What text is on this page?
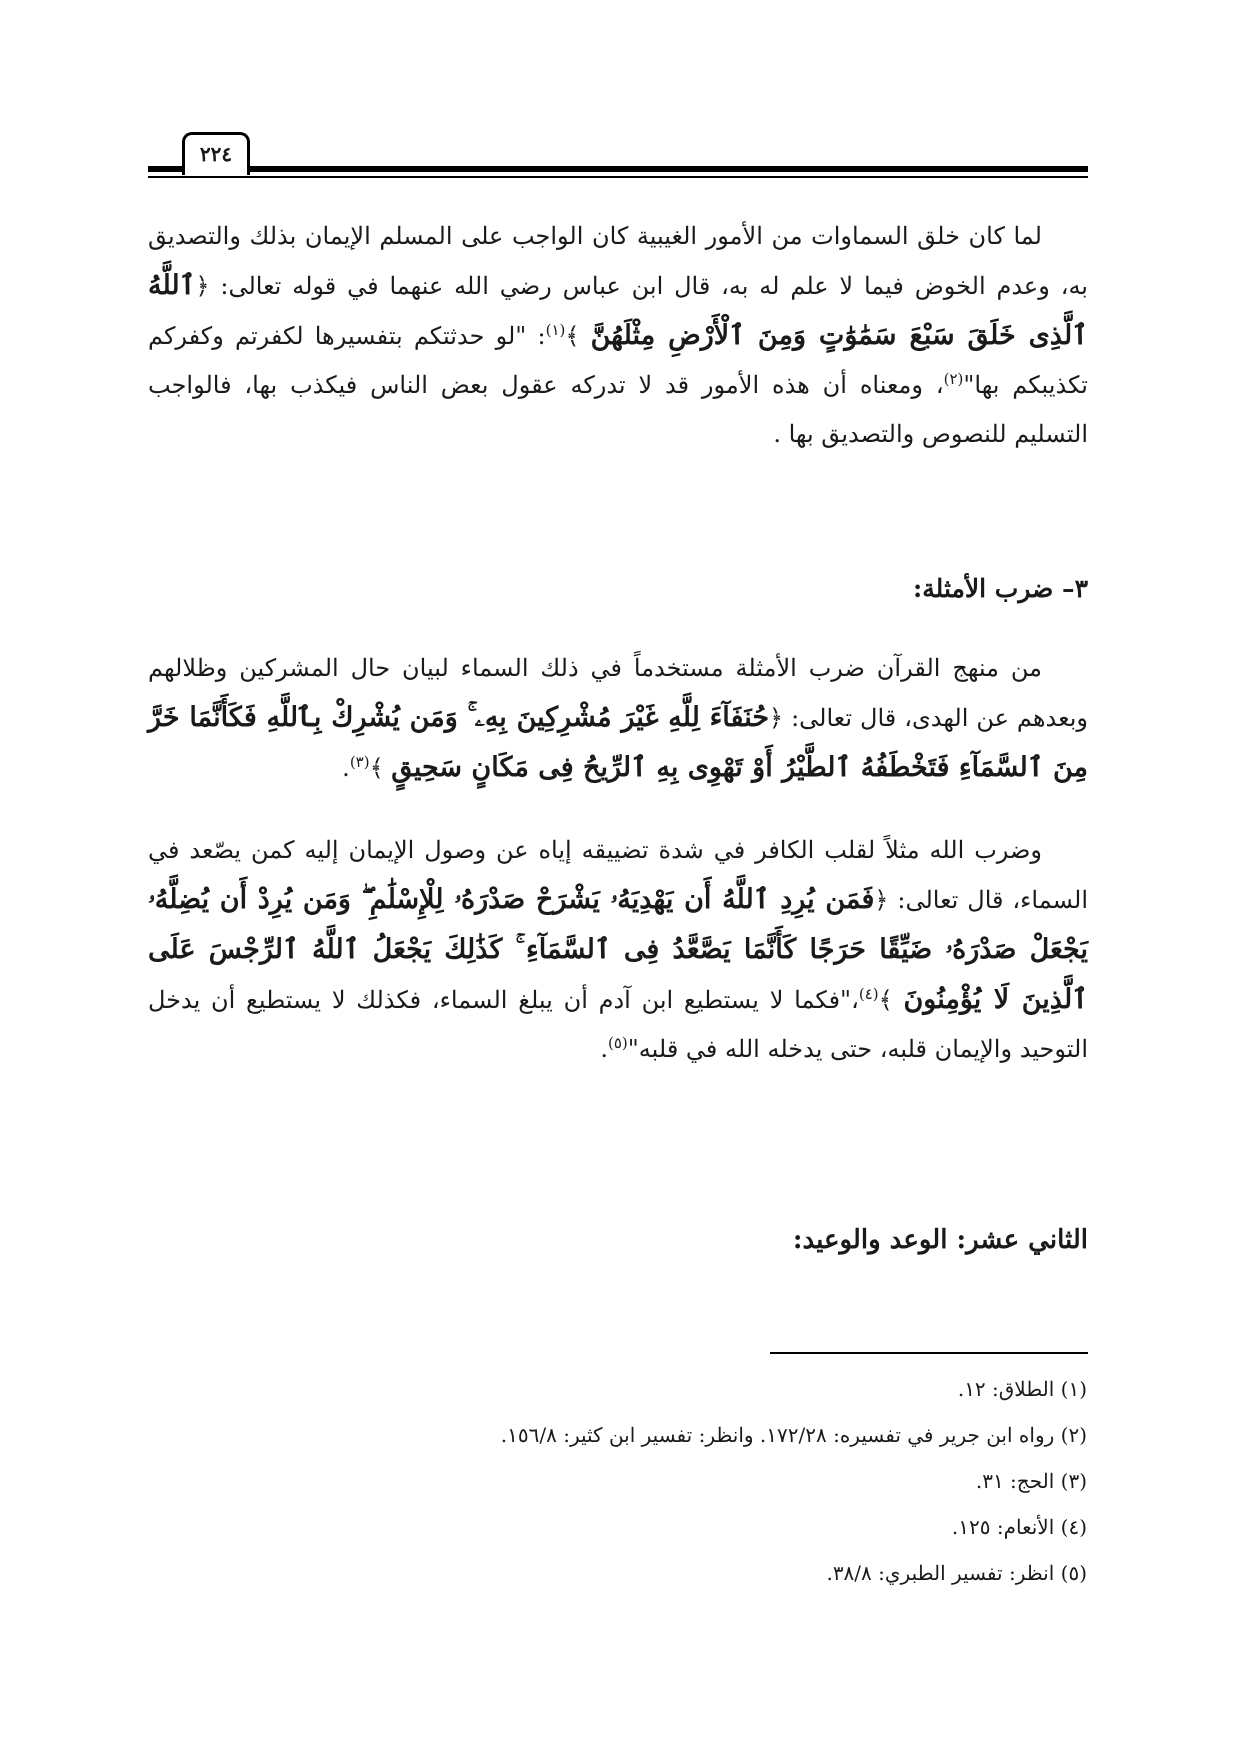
٢٢٤

لما كان خلق السماوات من الأمور الغيبية كان الواجب على المسلم الإيمان بذلك والتصديق به، وعدم الخوض فيما لا علم له به، قال ابن عباس رضي الله عنهما في قوله تعالى: ﴿ٱللَّهُ ٱلَّذِى خَلَقَ سَبْعَ سَمَٰوَٰتٍ وَمِنَ ٱلْأَرْضِ مِثْلَهُنَّ ﴾$^{(١)}$: "لو حدثتكم بتفسيرها لكفرتم وكفركم تكذيبكم بها"$^{(٢)}$، ومعناه أن هذه الأمور قد لا تدركه عقول بعض الناس فيكذب بها، فالواجب التسليم للنصوص والتصديق بها .

٣– ضرب الأمثلة:

من منهج القرآن ضرب الأمثلة مستخدماً في ذلك السماء لبيان حال المشركين وظلالهم وبعدهم عن الهدى، قال تعالى: ﴿حُنَفَآءَ لِلَّهِ غَيْرَ مُشْرِكِينَ بِهِۦ ۚ وَمَن يُشْرِكْ بِٱللَّهِ فَكَأَنَّمَا خَرَّ مِنَ ٱلسَّمَآءِ فَتَخْطَفُهُ ٱلطَّيْرُ أَوْ تَهْوِى بِهِ ٱلرِّيحُ فِى مَكَانٍ سَحِيقٍ ﴾$^{(٣)}$.

وضرب الله مثلاً لقلب الكافر في شدة تضييقه إياه عن وصول الإيمان إليه كمن يصّعد في السماء، قال تعالى: ﴿فَمَن يُرِدِ ٱللَّهُ أَن يَهْدِيَهُۥ يَشْرَحْ صَدْرَهُۥ لِلْإِسْلَٰمِ ۖ وَمَن يُرِدْ أَن يُضِلَّهُۥ يَجْعَلْ صَدْرَهُۥ ضَيِّقًا حَرَجًا كَأَنَّمَا يَصَّعَّدُ فِى ٱلسَّمَآءِ ۚ كَذَٰلِكَ يَجْعَلُ ٱللَّهُ ٱلرِّجْسَ عَلَى ٱلَّذِينَ لَا يُؤْمِنُونَ ﴾$^{(٤)}$،"فكما لا يستطيع ابن آدم أن يبلغ السماء، فكذلك لا يستطيع أن يدخل التوحيد والإيمان قلبه، حتى يدخله الله في قلبه"$^{(٥)}$.

الثاني عشر: الوعد والوعيد:
(١) الطلاق: ١٢.
(٢) رواه ابن جرير في تفسيره: ١٧٢/٢٨. وانظر: تفسير ابن كثير: ١٥٦/٨.
(٣) الحج: ٣١.
(٤) الأنعام: ١٢٥.
(٥) انظر: تفسير الطبري: ٣٨/٨.
